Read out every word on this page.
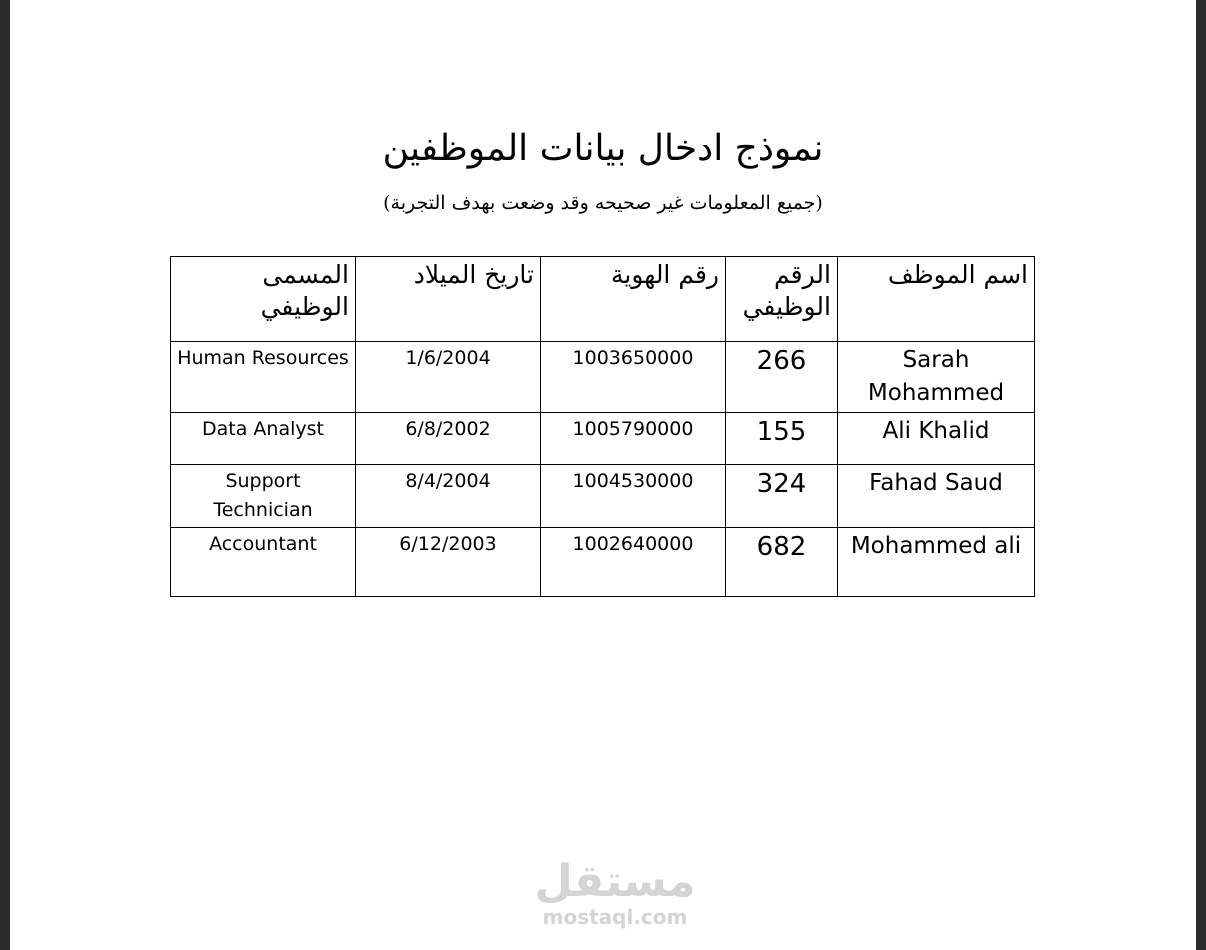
نموذج ادخال بيانات الموظفين
(جميع المعلومات غير صحيحه وقد وضعت بهدف التجربة)
المسمى الوظيفي	تاريخ الميلاد	رقم الهوية	الرقم الوظيفي	اسم الموظف
Human Resources	1/6/2004	1003650000	266	Sarah Mohammed
Data Analyst	6/8/2002	1005790000	155	Ali Khalid
Support Technician	8/4/2004	1004530000	324	Fahad Saud
Accountant	6/12/2003	1002640000	682	Mohammed ali
مستقل
mostaql.com
